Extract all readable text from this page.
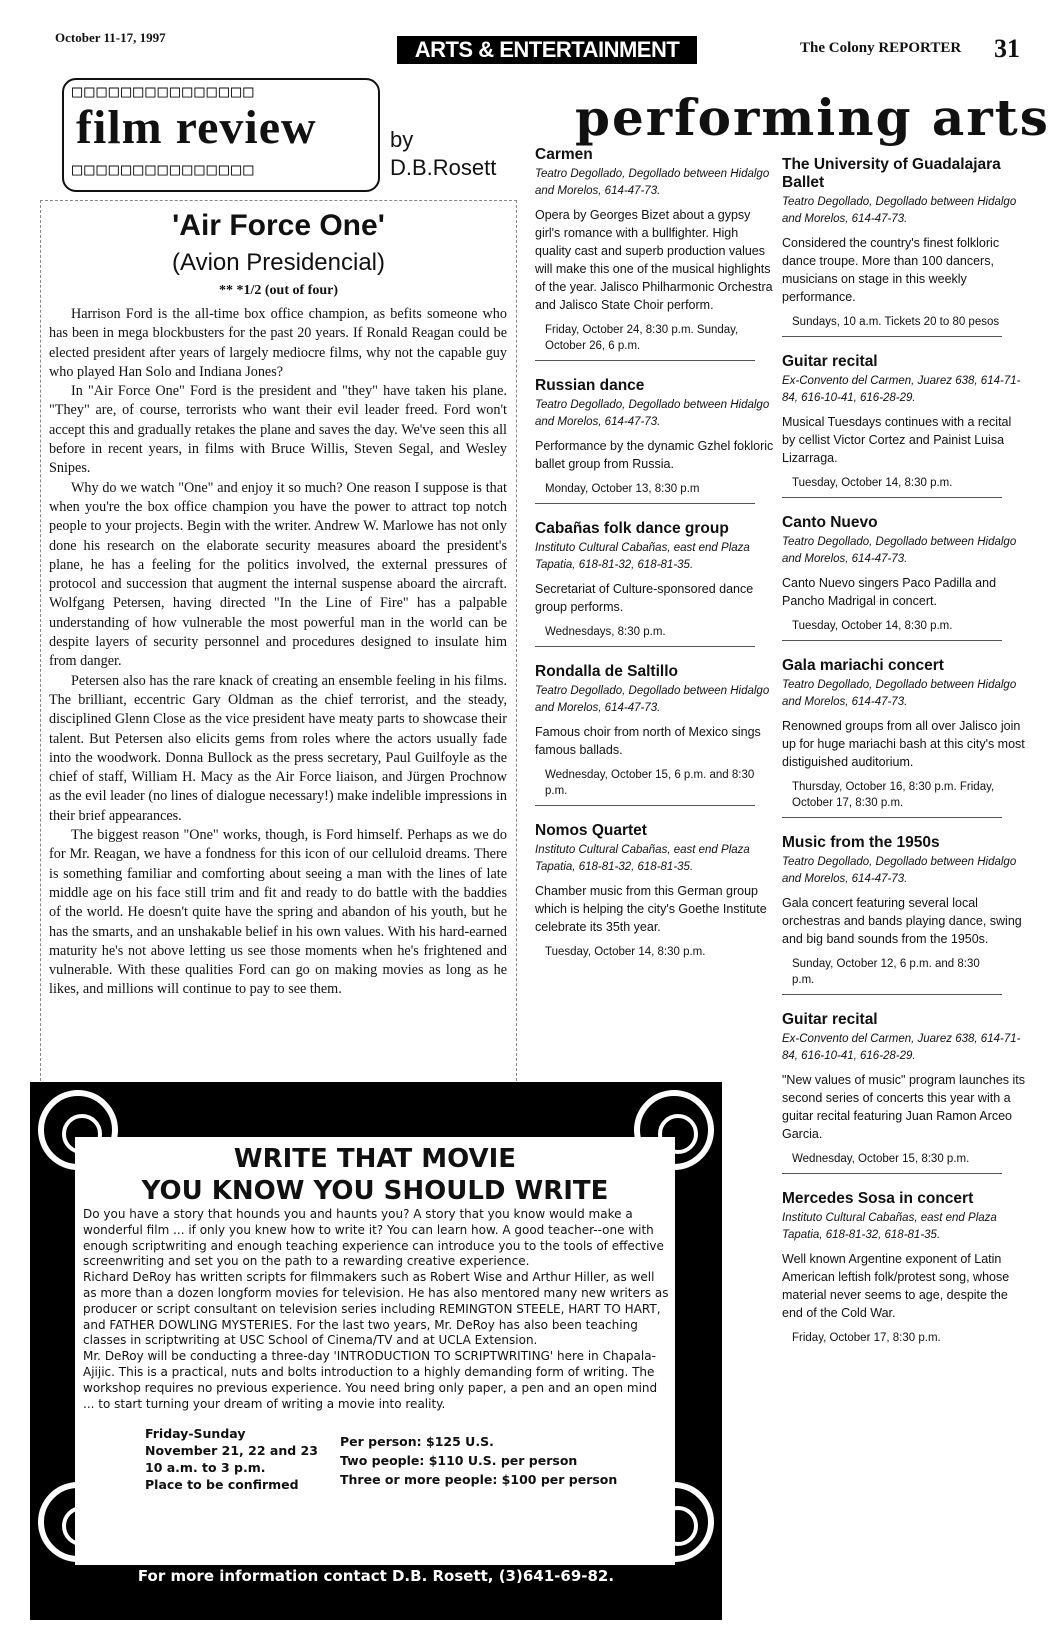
October 11-17, 1997	ARTS & ENTERTAINMENT	The Colony REPORTER 31
□□□□□□□□□□□□□□□
film review
□□□□□□□□□□□□□□□
by
D.B.Rosett
'Air Force One'
(Avion Presidencial)
** *1/2 (out of four)

Harrison Ford is the all-time box office champion, as befits someone who has been in mega blockbusters for the past 20 years. If Ronald Reagan could be elected president after years of largely mediocre films, why not the capable guy who played Han Solo and Indiana Jones?

In "Air Force One" Ford is the president and "they" have taken his plane. "They" are, of course, terrorists who want their evil leader freed. Ford won't accept this and gradually retakes the plane and saves the day. We've seen this all before in recent years, in films with Bruce Willis, Steven Segal, and Wesley Snipes.

Why do we watch "One" and enjoy it so much? One reason I suppose is that when you're the box office champion you have the power to attract top notch people to your projects. Begin with the writer. Andrew W. Marlowe has not only done his research on the elaborate security measures aboard the president's plane, he has a feeling for the politics involved, the external pressures of protocol and succession that augment the internal suspense aboard the aircraft. Wolfgang Petersen, having directed "In the Line of Fire" has a palpable understanding of how vulnerable the most powerful man in the world can be despite layers of security personnel and procedures designed to insulate him from danger.

Petersen also has the rare knack of creating an ensemble feeling in his films. The brilliant, eccentric Gary Oldman as the chief terrorist, and the steady, disciplined Glenn Close as the vice president have meaty parts to showcase their talent. But Petersen also elicits gems from roles where the actors usually fade into the woodwork. Donna Bullock as the press secretary, Paul Guilfoyle as the chief of staff, William H. Macy as the Air Force liaison, and Jürgen Prochnow as the evil leader (no lines of dialogue necessary!) make indelible impressions in their brief appearances.

The biggest reason "One" works, though, is Ford himself. Perhaps as we do for Mr. Reagan, we have a fondness for this icon of our celluloid dreams. There is something familiar and comforting about seeing a man with the lines of late middle age on his face still trim and fit and ready to do battle with the baddies of the world. He doesn't quite have the spring and abandon of his youth, but he has the smarts, and an unshakable belief in his own values. With his hard-earned maturity he's not above letting us see those moments when he's frightened and vulnerable. With these qualities Ford can go on making movies as long as he likes, and millions will continue to pay to see them.

performing arts
Carmen
Teatro Degollado, Degollado between Hidalgo and Morelos, 614-47-73.
Opera by Georges Bizet about a gypsy girl's romance with a bullfighter. High quality cast and superb production values will make this one of the musical highlights of the year. Jalisco Philharmonic Orchestra and Jalisco State Choir perform.
Friday, October 24, 8:30 p.m. Sunday, October 26, 6 p.m.
Russian dance
Teatro Degollado, Degollado between Hidalgo and Morelos, 614-47-73.
Performance by the dynamic Gzhel fokloric ballet group from Russia.
Monday, October 13, 8:30 p.m
Cabañas folk dance group
Instituto Cultural Cabañas, east end Plaza Tapatia, 618-81-32, 618-81-35.
Secretariat of Culture-sponsored dance group performs.
Wednesdays, 8:30 p.m.
Rondalla de Saltillo
Teatro Degollado, Degollado between Hidalgo and Morelos, 614-47-73.
Famous choir from north of Mexico sings famous ballads.
Wednesday, October 15, 6 p.m. and 8:30 p.m.
Nomos Quartet
Instituto Cultural Cabañas, east end Plaza Tapatia, 618-81-32, 618-81-35.
Chamber music from this German group which is helping the city's Goethe Institute celebrate its 35th year.
Tuesday, October 14, 8:30 p.m.
The University of Guadalajara Ballet
Teatro Degollado, Degollado between Hidalgo and Morelos, 614-47-73.
Considered the country's finest folkloric dance troupe. More than 100 dancers, musicians on stage in this weekly performance.
Sundays, 10 a.m. Tickets 20 to 80 pesos
Guitar recital
Ex-Convento del Carmen, Juarez 638, 614-71-84, 616-10-41, 616-28-29.
Musical Tuesdays continues with a recital by cellist Victor Cortez and Painist Luisa Lizarraga.
Tuesday, October 14, 8:30 p.m.
Canto Nuevo
Teatro Degollado, Degollado between Hidalgo and Morelos, 614-47-73.
Canto Nuevo singers Paco Padilla and Pancho Madrigal in concert.
Tuesday, October 14, 8:30 p.m.
Gala mariachi concert
Teatro Degollado, Degollado between Hidalgo and Morelos, 614-47-73.
Renowned groups from all over Jalisco join up for huge mariachi bash at this city's most distiguished auditorium.
Thursday, October 16, 8:30 p.m. Friday, October 17, 8:30 p.m.
Music from the 1950s
Teatro Degollado, Degollado between Hidalgo and Morelos, 614-47-73.
Gala concert featuring several local orchestras and bands playing dance, swing and big band sounds from the 1950s.
Sunday, October 12, 6 p.m. and 8:30 p.m.
Guitar recital
Ex-Convento del Carmen, Juarez 638, 614-71-84, 616-10-41, 616-28-29.
"New values of music" program launches its second series of concerts this year with a guitar recital featuring Juan Ramon Arceo Garcia.
Wednesday, October 15, 8:30 p.m.
Mercedes Sosa in concert
Instituto Cultural Cabañas, east end Plaza Tapatia, 618-81-32, 618-81-35.
Well known Argentine exponent of Latin American leftish folk/protest song, whose material never seems to age, despite the end of the Cold War.
Friday, October 17, 8:30 p.m.
WRITE THAT MOVIE
YOU KNOW YOU SHOULD WRITE

Do you have a story that hounds you and haunts you? A story that you know would make a wonderful film ... if only you knew how to write it? You can learn how. A good teacher--one with enough scriptwriting and enough teaching experience can introduce you to the tools of effective screenwriting and set you on the path to a rewarding creative experience.

Richard DeRoy has written scripts for filmmakers such as Robert Wise and Arthur Hiller, as well as more than a dozen longform movies for television. He has also mentored many new writers as producer or script consultant on television series including REMINGTON STEELE, HART TO HART, and FATHER DOWLING MYSTERIES. For the last two years, Mr. DeRoy has also been teaching classes in scriptwriting at USC School of Cinema/TV and at UCLA Extension.

Mr. DeRoy will be conducting a three-day 'INTRODUCTION TO SCRIPTWRITING' here in Chapala-Ajijic. This is a practical, nuts and bolts introduction to a highly demanding form of writing. The workshop requires no previous experience. You need bring only paper, a pen and an open mind ... to start turning your dream of writing a movie into reality.

Friday-Sunday
November 21, 22 and 23
10 a.m. to 3 p.m.
Place to be confirmed
Per person: $125 U.S.
Two people: $110 U.S. per person
Three or more people: $100 per person
For more information contact D.B. Rosett, (3)641-69-82.
